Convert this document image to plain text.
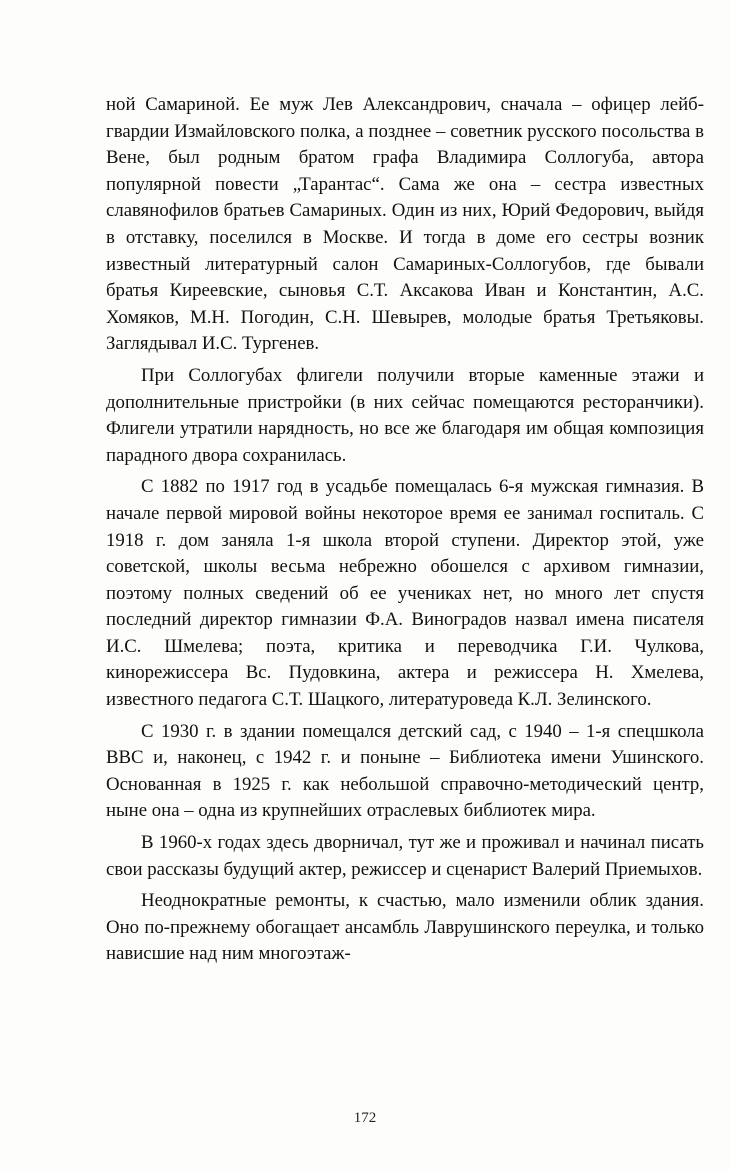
ной Самариной. Ее муж Лев Александрович, сначала – офицер лейб-гвардии Измайловского полка, а позднее – советник русского посольства в Вене, был родным братом графа Владимира Соллогуба, автора популярной повести „Тарантас“. Сама же она – сестра известных славянофилов братьев Самариных. Один из них, Юрий Федорович, выйдя в отставку, поселился в Москве. И тогда в доме его сестры возник известный литературный салон Самариных-Соллогубов, где бывали братья Киреевские, сыновья С.Т. Аксакова Иван и Константин, А.С. Хомяков, М.Н. Погодин, С.Н. Шевырев, молодые братья Третьяковы. Заглядывал И.С. Тургенев.

При Соллогубах флигели получили вторые каменные этажи и дополнительные пристройки (в них сейчас помещаются ресторанчики). Флигели утратили нарядность, но все же благодаря им общая композиция парадного двора сохранилась.

С 1882 по 1917 год в усадьбе помещалась 6-я мужская гимназия. В начале первой мировой войны некоторое время ее занимал госпиталь. С 1918 г. дом заняла 1-я школа второй ступени. Директор этой, уже советской, школы весьма небрежно обошелся с архивом гимназии, поэтому полных сведений об ее учениках нет, но много лет спустя последний директор гимназии Ф.А. Виноградов назвал имена писателя И.С. Шмелева; поэта, критика и переводчика Г.И. Чулкова, кинорежиссера Вс. Пудовкина, актера и режиссера Н. Хмелева, известного педагога С.Т. Шацкого, литературоведа К.Л. Зелинского.

С 1930 г. в здании помещался детский сад, с 1940 – 1-я спецшкола ВВС и, наконец, с 1942 г. и поныне – Библиотека имени Ушинского. Основанная в 1925 г. как небольшой справочно-методический центр, ныне она – одна из крупнейших отраслевых библиотек мира.

В 1960-х годах здесь дворничал, тут же и проживал и начинал писать свои рассказы будущий актер, режиссер и сценарист Валерий Приемыхов.

Неоднократные ремонты, к счастью, мало изменили облик здания. Оно по-прежнему обогащает ансамбль Лаврушинского переулка, и только нависшие над ним многоэтаж-

172
